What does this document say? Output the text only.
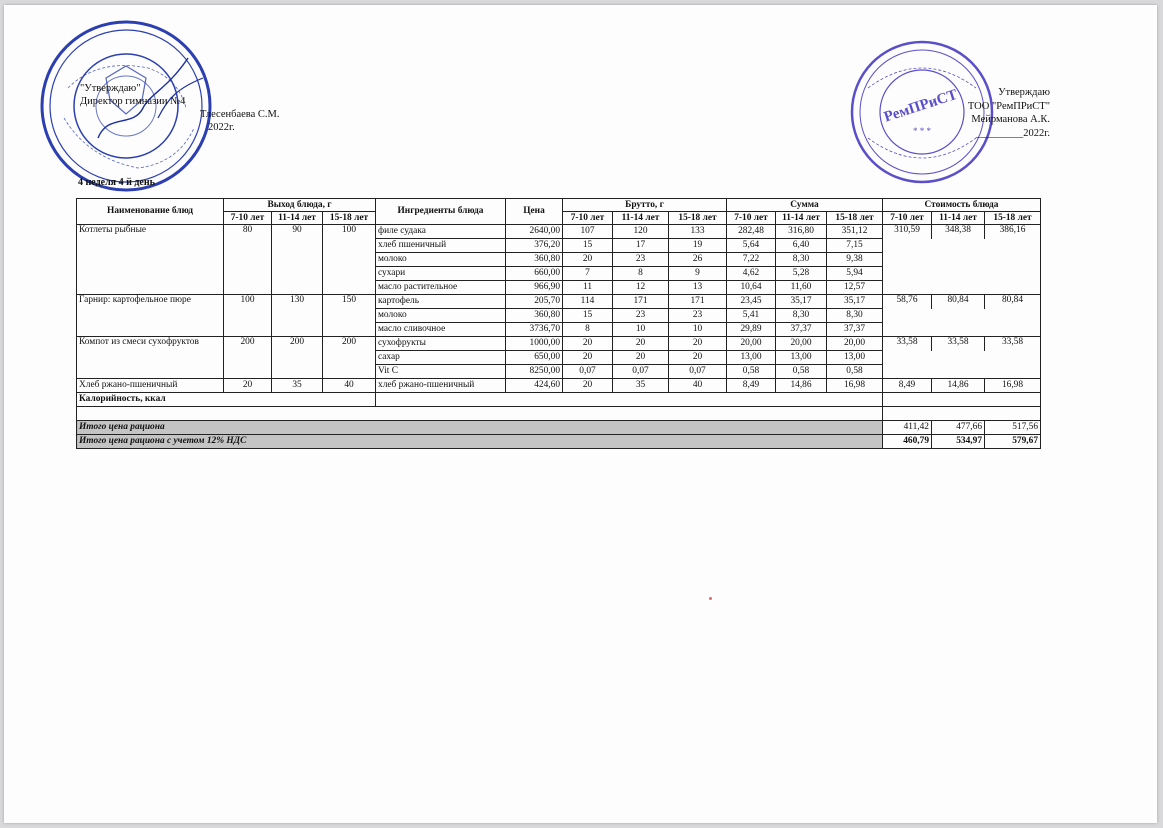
РемПРиСТ
* * *
"Утверждаю"
Директор гимназии №4
Тлесенбаева С.М.
2022г.
Утверждаю
ТОО "РемПРиСТ"
Мейрманова А.К.
_________2022г.
4 неделя 4 й день
Наименование блюд	Выход блюда, г			Ингредиенты блюда	Цена	Брутто, г			Сумма			Стоимость блюда		
	7-10 лет	11-14 лет	15-18 лет			7-10 лет	11-14 лет	15-18 лет	7-10 лет	11-14 лет	15-18 лет	7-10 лет	11-14 лет	15-18 лет
Котлеты рыбные	80	90	100	филе судака	2640,00	107	120	133	282,48	316,80	351,12	310,59	348,38	386,16
				хлеб пшеничный	376,20	15	17	19	5,64	6,40	7,15			
				молоко	360,80	20	23	26	7,22	8,30	9,38			
				сухари	660,00	7	8	9	4,62	5,28	5,94			
				масло растительное	966,90	11	12	13	10,64	11,60	12,57			
Гарнир: картофельное пюре	100	130	150	картофель	205,70	114	171	171	23,45	35,17	35,17	58,76	80,84	80,84
				молоко	360,80	15	23	23	5,41	8,30	8,30			
				масло сливочное	3736,70	8	10	10	29,89	37,37	37,37			
Компот из смеси сухофруктов	200	200	200	сухофрукты	1000,00	20	20	20	20,00	20,00	20,00	33,58	33,58	33,58
				сахар	650,00	20	20	20	13,00	13,00	13,00			
				Vit C	8250,00	0,07	0,07	0,07	0,58	0,58	0,58			
Хлеб ржано-пшеничный	20	35	40	хлеб ржано-пшеничный	424,60	20	35	40	8,49	14,86	16,98	8,49	14,86	16,98
Калорийность, ккал														

Итого цена рациона												411,42	477,66	517,56
Итого цена рациона с учетом 12% НДС												460,79	534,97	579,67
